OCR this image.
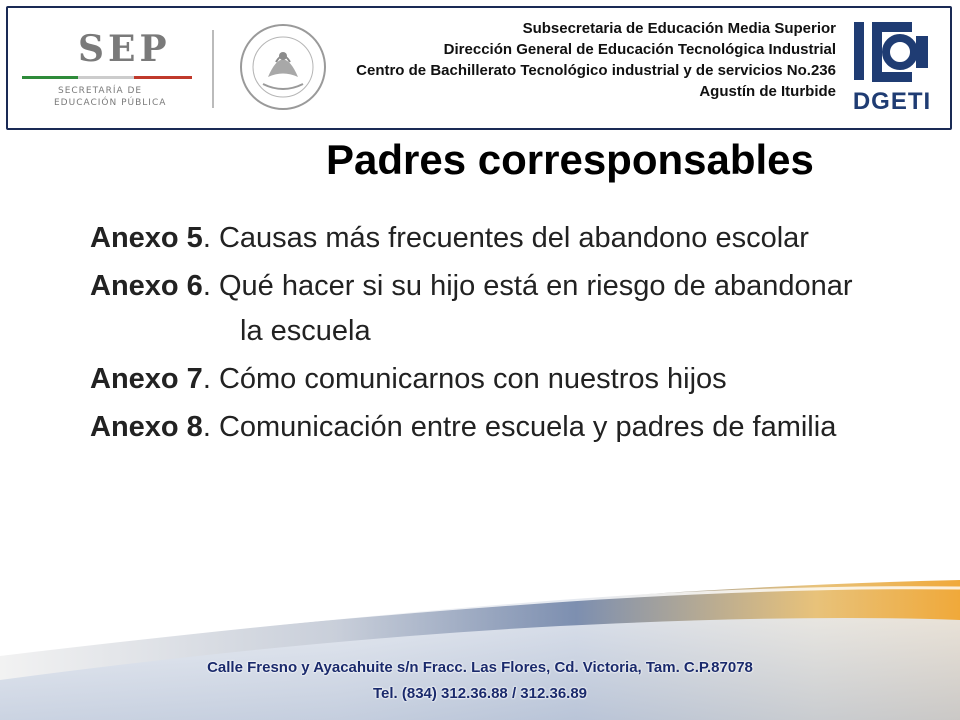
SEP
SECRETARÍA DE
EDUCACIÓN PÚBLICA
Subsecretaria de Educación Media Superior
Dirección General de Educación Tecnológica Industrial
Centro de Bachillerato Tecnológico industrial y de servicios No.236
Agustín de Iturbide DGETI
Padres corresponsables
Anexo 5. Causas más frecuentes del abandono escolar
Anexo 6. Qué hacer si su hijo está en riesgo de abandonar la escuela
Anexo 7. Cómo comunicarnos con nuestros hijos
Anexo 8. Comunicación entre escuela y padres de familia
Calle Fresno y Ayacahuite s/n Fracc. Las Flores, Cd. Victoria, Tam. C.P.87078
Tel. (834) 312.36.88 / 312.36.89
